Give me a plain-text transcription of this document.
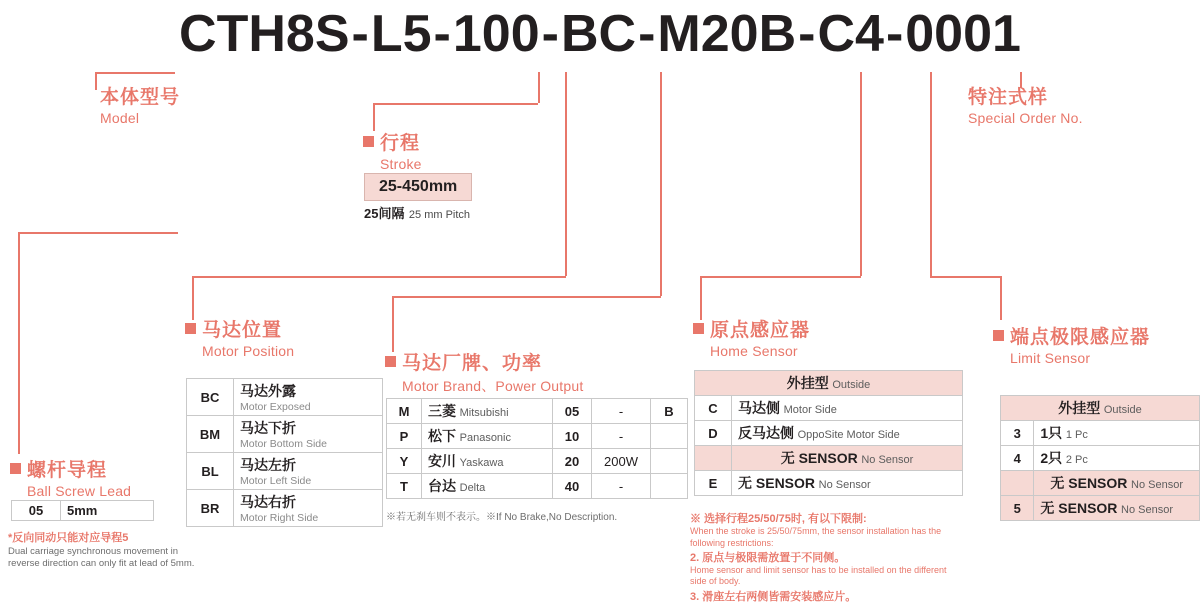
CTH8S-L5-100-BC-M20B-C4-0001
本体型号
Model
特注式样
Special Order No.
行程
Stroke
25-450mm
25间隔 25 mm Pitch
螺杆导程
Ball Screw Lead
05	5mm
*反向同动只能对应导程5
Dual carriage synchronous movement in reverse direction can only fit at lead of 5mm.
马达位置
Motor Position
BC	马达外露
Motor Exposed

BM	马达下折
Motor Bottom Side

BL	马达左折
Motor Left Side

BR	马达右折
Motor Right Side
马达厂牌、功率
Motor Brand、Power Output
M	三菱 Mitsubishi	05	-	B
P	松下 Panasonic	10	-	
Y	安川 Yaskawa	20	200W	
T	台达 Delta	40	-	
※若无刹车则不表示。※If No Brake,No Description.
原点感应器
Home Sensor
外挂型 Outside	
C	马达侧 Motor Side
D	反马达侧 OppoSite Motor Side
	无 SENSOR No Sensor
E	无 SENSOR No Sensor
※ 选择行程25/50/75时, 有以下限制:
When the stroke is 25/50/75mm, the sensor installation has the following restrictions:
2. 原点与极限需放置于不同侧。
Home sensor and limit sensor has to be installed on the different side of body.
3. 滑座左右两侧皆需安装感应片。
端点极限感应器
Limit Sensor
外挂型 Outside	
3	1只 1 Pc
4	2只 2 Pc
	无 SENSOR No Sensor
5	无 SENSOR No Sensor
